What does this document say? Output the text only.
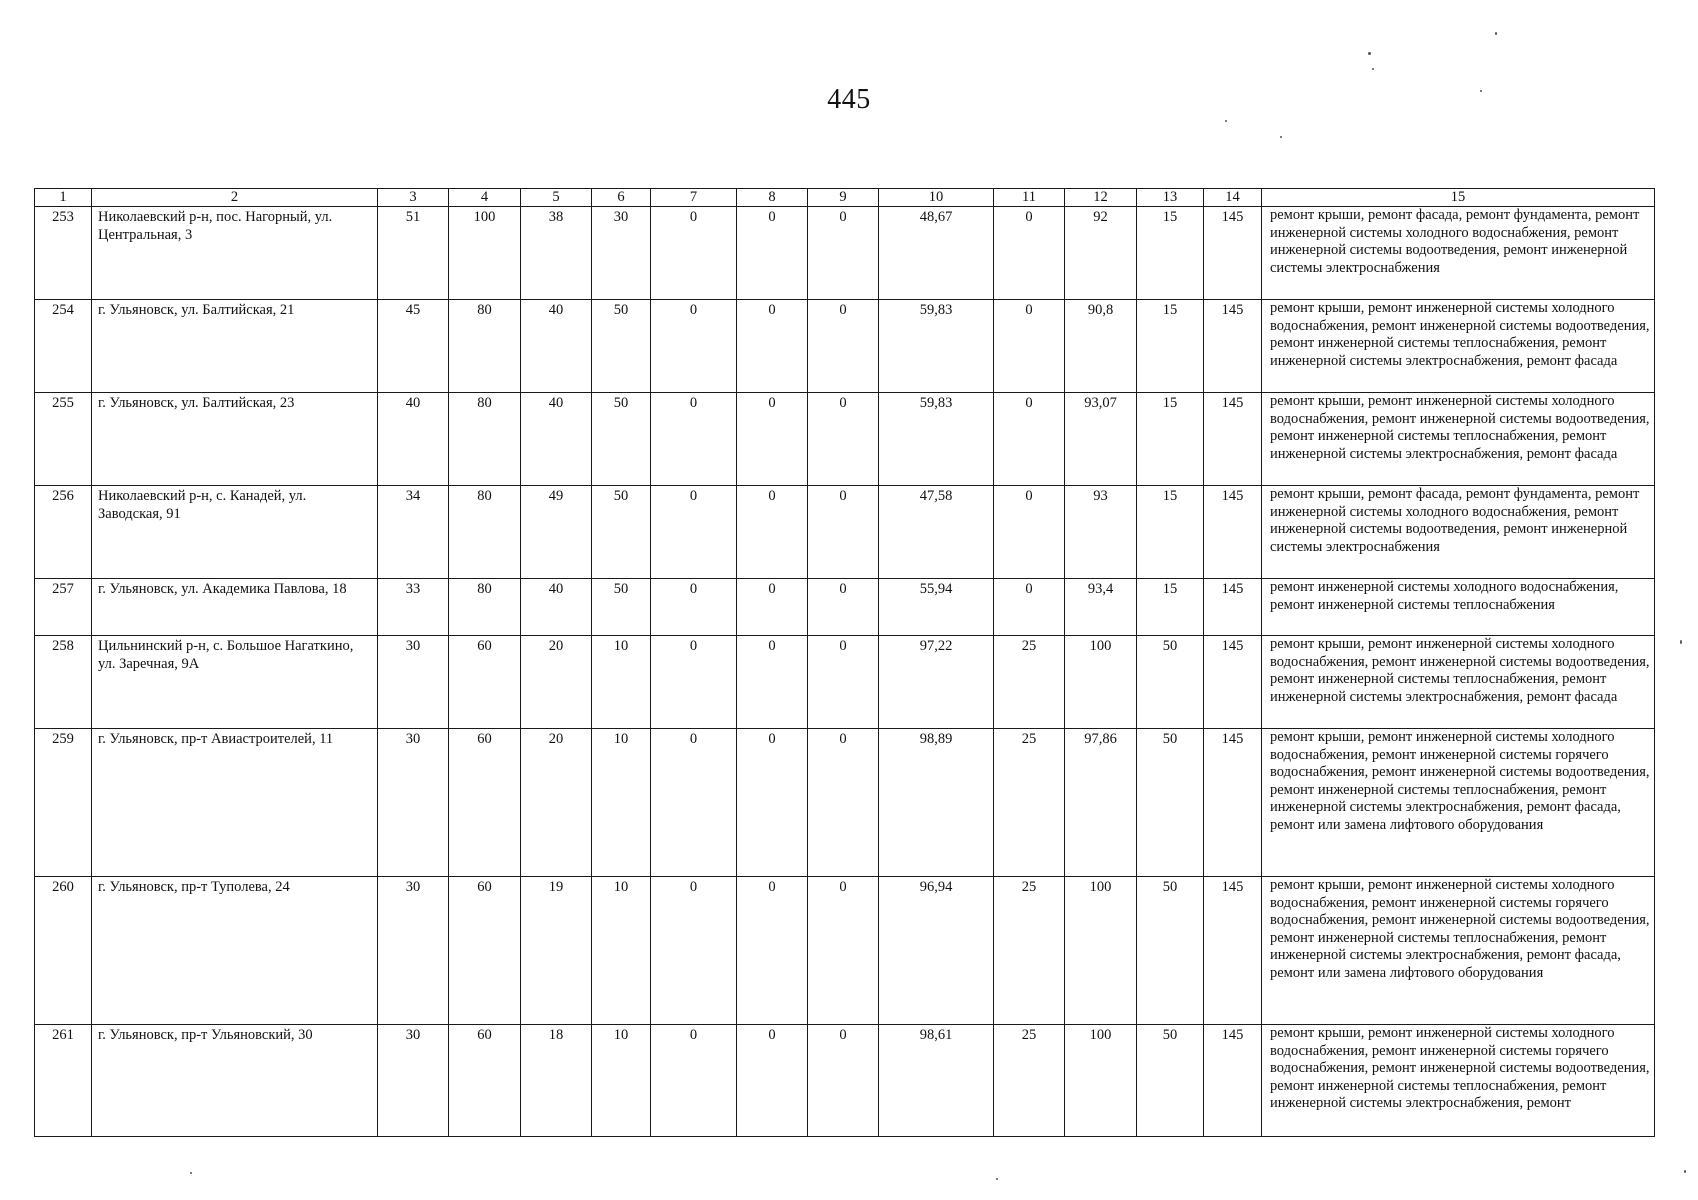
445
1	2	3	4	5	6	7	8	9	10	11	12	13	14	15
253	Николаевский р-н, пос. Нагорный, ул. Центральная, 3	51	100	38	30	0	0	0	48,67	0	92	15	145	ремонт крыши, ремонт фасада, ремонт фундамента, ремонт инженерной системы холодного водоснабжения, ремонт инженерной системы водоотведения, ремонт инженерной системы электроснабжения
254	г. Ульяновск, ул. Балтийская, 21	45	80	40	50	0	0	0	59,83	0	90,8	15	145	ремонт крыши, ремонт инженерной системы холодного водоснабжения, ремонт инженерной системы водоотведения, ремонт инженерной системы теплоснабжения, ремонт инженерной системы электроснабжения, ремонт фасада
255	г. Ульяновск, ул. Балтийская, 23	40	80	40	50	0	0	0	59,83	0	93,07	15	145	ремонт крыши, ремонт инженерной системы холодного водоснабжения, ремонт инженерной системы водоотведения, ремонт инженерной системы теплоснабжения, ремонт инженерной системы электроснабжения, ремонт фасада
256	Николаевский р-н, с. Канадей, ул. Заводская, 91	34	80	49	50	0	0	0	47,58	0	93	15	145	ремонт крыши, ремонт фасада, ремонт фундамента, ремонт инженерной системы холодного водоснабжения, ремонт инженерной системы водоотведения, ремонт инженерной системы электроснабжения
257	г. Ульяновск, ул. Академика Павлова, 18	33	80	40	50	0	0	0	55,94	0	93,4	15	145	ремонт инженерной системы холодного водоснабжения, ремонт инженерной системы теплоснабжения
258	Цильнинский р-н, с. Большое Нагаткино, ул. Заречная, 9А	30	60	20	10	0	0	0	97,22	25	100	50	145	ремонт крыши, ремонт инженерной системы холодного водоснабжения, ремонт инженерной системы водоотведения, ремонт инженерной системы теплоснабжения, ремонт инженерной системы электроснабжения, ремонт фасада
259	г. Ульяновск, пр-т Авиастроителей, 11	30	60	20	10	0	0	0	98,89	25	97,86	50	145	ремонт крыши, ремонт инженерной системы холодного водоснабжения, ремонт инженерной системы горячего водоснабжения, ремонт инженерной системы водоотведения, ремонт инженерной системы теплоснабжения, ремонт инженерной системы электроснабжения, ремонт фасада, ремонт или замена лифтового оборудования
260	г. Ульяновск, пр-т Туполева, 24	30	60	19	10	0	0	0	96,94	25	100	50	145	ремонт крыши, ремонт инженерной системы холодного водоснабжения, ремонт инженерной системы горячего водоснабжения, ремонт инженерной системы водоотведения, ремонт инженерной системы теплоснабжения, ремонт инженерной системы электроснабжения, ремонт фасада, ремонт или замена лифтового оборудования
261	г. Ульяновск, пр-т Ульяновский, 30	30	60	18	10	0	0	0	98,61	25	100	50	145	ремонт крыши, ремонт инженерной системы холодного водоснабжения, ремонт инженерной системы горячего водоснабжения, ремонт инженерной системы водоотведения, ремонт инженерной системы теплоснабжения, ремонт инженерной системы электроснабжения, ремонт
